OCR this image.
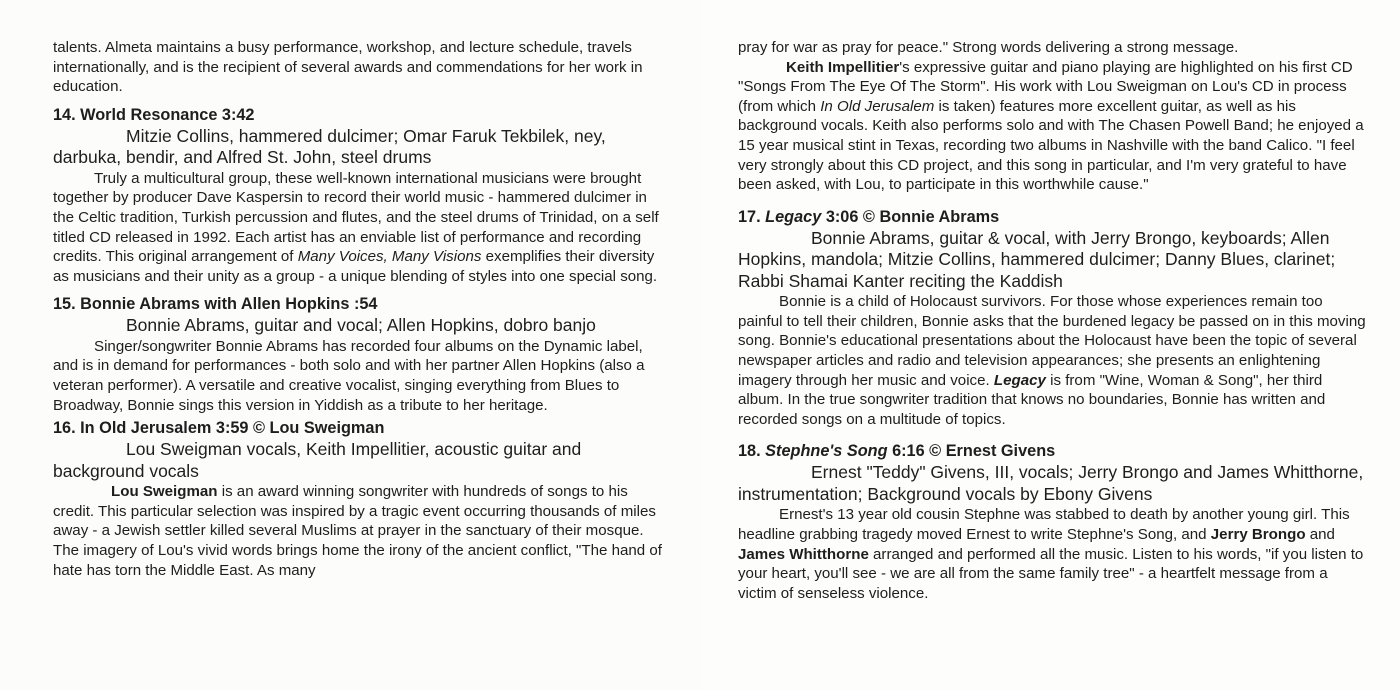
talents. Almeta maintains a busy performance, workshop, and lecture schedule, travels internationally, and is the recipient of several awards and commendations for her work in education.

14. World Resonance 3:42

Mitzie Collins, hammered dulcimer; Omar Faruk Tekbilek, ney, darbuka, bendir, and Alfred St. John, steel drums

Truly a multicultural group, these well-known international musicians were brought together by producer Dave Kaspersin to record their world music - hammered dulcimer in the Celtic tradition, Turkish percussion and flutes, and the steel drums of Trinidad, on a self titled CD released in 1992. Each artist has an enviable list of performance and recording credits. This original arrangement of Many Voices, Many Visions exemplifies their diversity as musicians and their unity as a group - a unique blending of styles into one special song.

15. Bonnie Abrams with Allen Hopkins :54

Bonnie Abrams, guitar and vocal; Allen Hopkins, dobro banjo

Singer/songwriter Bonnie Abrams has recorded four albums on the Dynamic label, and is in demand for performances - both solo and with her partner Allen Hopkins (also a veteran performer). A versatile and creative vocalist, singing everything from Blues to Broadway, Bonnie sings this version in Yiddish as a tribute to her heritage.

16. In Old Jerusalem 3:59 © Lou Sweigman

Lou Sweigman vocals, Keith Impellitier, acoustic guitar and background vocals

Lou Sweigman is an award winning songwriter with hundreds of songs to his credit. This particular selection was inspired by a tragic event occurring thousands of miles away - a Jewish settler killed several Muslims at prayer in the sanctuary of their mosque. The imagery of Lou's vivid words brings home the irony of the ancient conflict, "The hand of hate has torn the Middle East. As many

pray for war as pray for peace." Strong words delivering a strong message.

Keith Impellitier's expressive guitar and piano playing are highlighted on his first CD "Songs From The Eye Of The Storm". His work with Lou Sweigman on Lou's CD in process (from which In Old Jerusalem is taken) features more excellent guitar, as well as his background vocals. Keith also performs solo and with The Chasen Powell Band; he enjoyed a 15 year musical stint in Texas, recording two albums in Nashville with the band Calico. "I feel very strongly about this CD project, and this song in particular, and I'm very grateful to have been asked, with Lou, to participate in this worthwhile cause."

17. Legacy 3:06 © Bonnie Abrams

Bonnie Abrams, guitar & vocal, with Jerry Brongo, keyboards; Allen Hopkins, mandola; Mitzie Collins, hammered dulcimer; Danny Blues, clarinet; Rabbi Shamai Kanter reciting the Kaddish

Bonnie is a child of Holocaust survivors. For those whose experiences remain too painful to tell their children, Bonnie asks that the burdened legacy be passed on in this moving song. Bonnie's educational presentations about the Holocaust have been the topic of several newspaper articles and radio and television appearances; she presents an enlightening imagery through her music and voice. Legacy is from "Wine, Woman & Song", her third album. In the true songwriter tradition that knows no boundaries, Bonnie has written and recorded songs on a multitude of topics.

18. Stephne's Song 6:16 © Ernest Givens

Ernest "Teddy" Givens, III, vocals; Jerry Brongo and James Whitthorne, instrumentation; Background vocals by Ebony Givens

Ernest's 13 year old cousin Stephne was stabbed to death by another young girl. This headline grabbing tragedy moved Ernest to write Stephne's Song, and Jerry Brongo and James Whitthorne arranged and performed all the music. Listen to his words, "if you listen to your heart, you'll see - we are all from the same family tree" - a heartfelt message from a victim of senseless violence.
